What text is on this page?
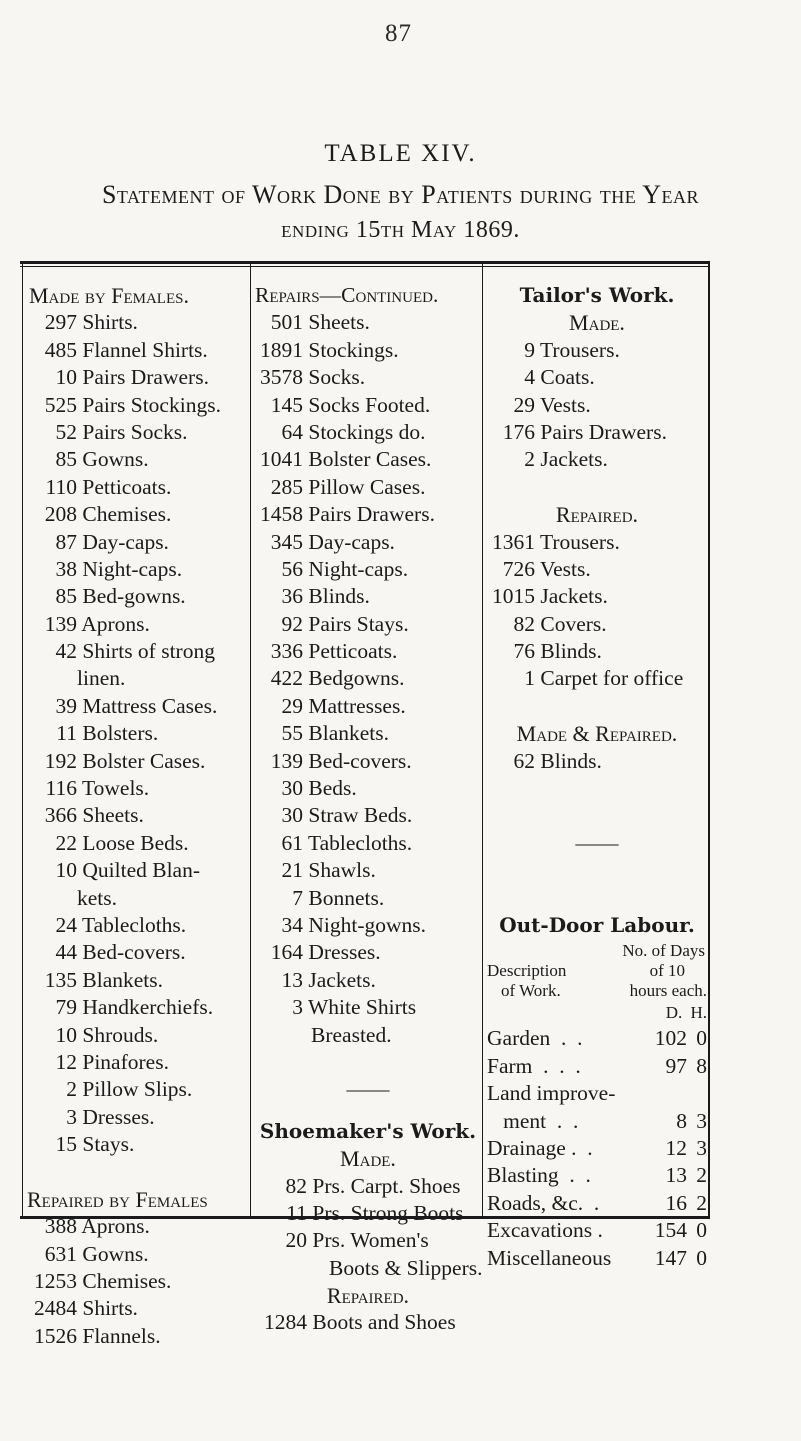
87
TABLE XIV.
Statement of Work Done by Patients during the Year
ending 15th May 1869.
Made by Females.
297 Shirts.
485 Flannel Shirts.
10 Pairs Drawers.
525 Pairs Stockings.
52 Pairs Socks.
85 Gowns.
110 Petticoats.
208 Chemises.
87 Day-caps.
38 Night-caps.
85 Bed-gowns.
139 Aprons.
42 Shirts of strong
linen.
39 Mattress Cases.
11 Bolsters.
192 Bolster Cases.
116 Towels.
366 Sheets.
22 Loose Beds.
10 Quilted Blan-
kets.
24 Tablecloths.
44 Bed-covers.
135 Blankets.
79 Handkerchiefs.
10 Shrouds.
12 Pinafores.
2 Pillow Slips.
3 Dresses.
15 Stays.
Repaired by Females
388 Aprons.
631 Gowns.
1253 Chemises.
2484 Shirts.
1526 Flannels.
Repairs—Continued.
501 Sheets.
1891 Stockings.
3578 Socks.
145 Socks Footed.
64 Stockings do.
1041 Bolster Cases.
285 Pillow Cases.
1458 Pairs Drawers.
345 Day-caps.
56 Night-caps.
36 Blinds.
92 Pairs Stays.
336 Petticoats.
422 Bedgowns.
29 Mattresses.
55 Blankets.
139 Bed-covers.
30 Beds.
30 Straw Beds.
61 Tablecloths.
21 Shawls.
7 Bonnets.
34 Night-gowns.
164 Dresses.
13 Jackets.
3 White Shirts
Breasted.
——
Shoemaker's Work.
Made.
82 Prs. Carpt. Shoes
11 Prs. Strong Boots
20 Prs. Women's
Boots & Slippers.
Repaired.
1284 Boots and Shoes
Tailor's Work.
Made.
9 Trousers.
4 Coats.
29 Vests.
176 Pairs Drawers.
2 Jackets.
Repaired.
1361 Trousers.
726 Vests.
1015 Jackets.
82 Covers.
76 Blinds.
1 Carpet for office
Made & Repaired.
62 Blinds.
——
Out-Door Labour.
No. of Days
Description	of 10
of Work.	hours each.
D. H.
Garden  .  .	102 0
Farm  .  .  .	97 8
Land improve-
ment  .  .	8 3
Drainage .  .	12 3
Blasting  .  .	13 2
Roads, &c.  .	16 2
Excavations . 154 0
Miscellaneous 147 0
